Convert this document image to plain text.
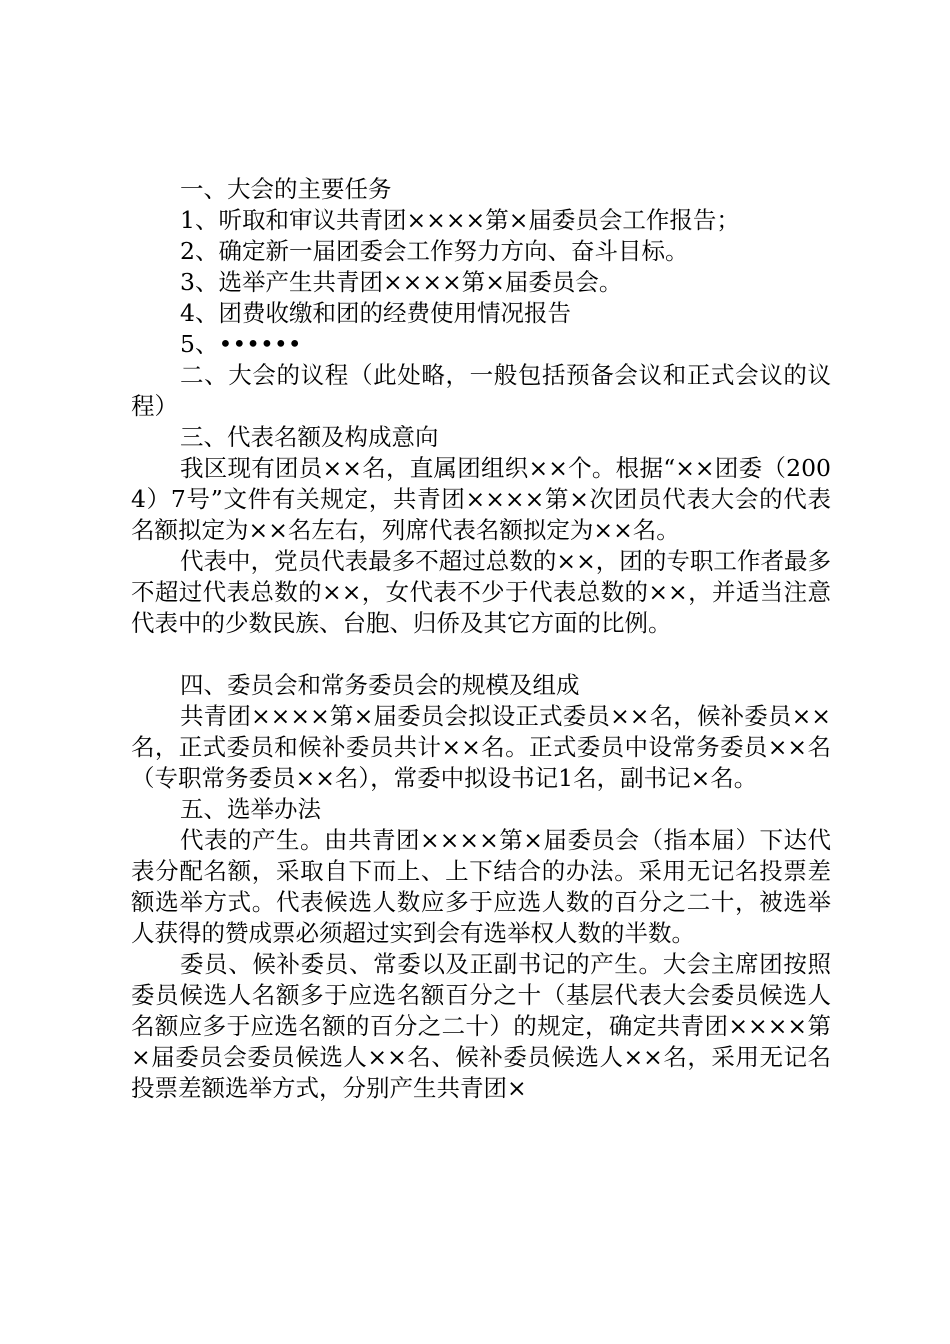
一、大会的主要任务

1、听取和审议共青团××××第×届委员会工作报告；

2、确定新一届团委会工作努力方向、奋斗目标。

3、选举产生共青团××××第×届委员会。

4、团费收缴和团的经费使用情况报告

5、••••••

二、大会的议程（此处略，一般包括预备会议和正式会议的议程）

三、代表名额及构成意向

我区现有团员××名，直属团组织××个。根据“××团委（2004）7号”文件有关规定，共青团××××第×次团员代表大会的代表名额拟定为××名左右，列席代表名额拟定为××名。

代表中，党员代表最多不超过总数的××，团的专职工作者最多不超过代表总数的××，女代表不少于代表总数的××，并适当注意代表中的少数民族、台胞、归侨及其它方面的比例。

四、委员会和常务委员会的规模及组成

共青团××××第×届委员会拟设正式委员××名，候补委员××名，正式委员和候补委员共计××名。正式委员中设常务委员××名（专职常务委员××名），常委中拟设书记1名，副书记×名。

五、选举办法

代表的产生。由共青团××××第×届委员会（指本届）下达代表分配名额，采取自下而上、上下结合的办法。采用无记名投票差额选举方式。代表候选人数应多于应选人数的百分之二十，被选举人获得的赞成票必须超过实到会有选举权人数的半数。

委员、候补委员、常委以及正副书记的产生。大会主席团按照委员候选人名额多于应选名额百分之十（基层代表大会委员候选人名额应多于应选名额的百分之二十）的规定，确定共青团××××第×届委员会委员候选人××名、候补委员候选人××名，采用无记名投票差额选举方式，分别产生共青团×
